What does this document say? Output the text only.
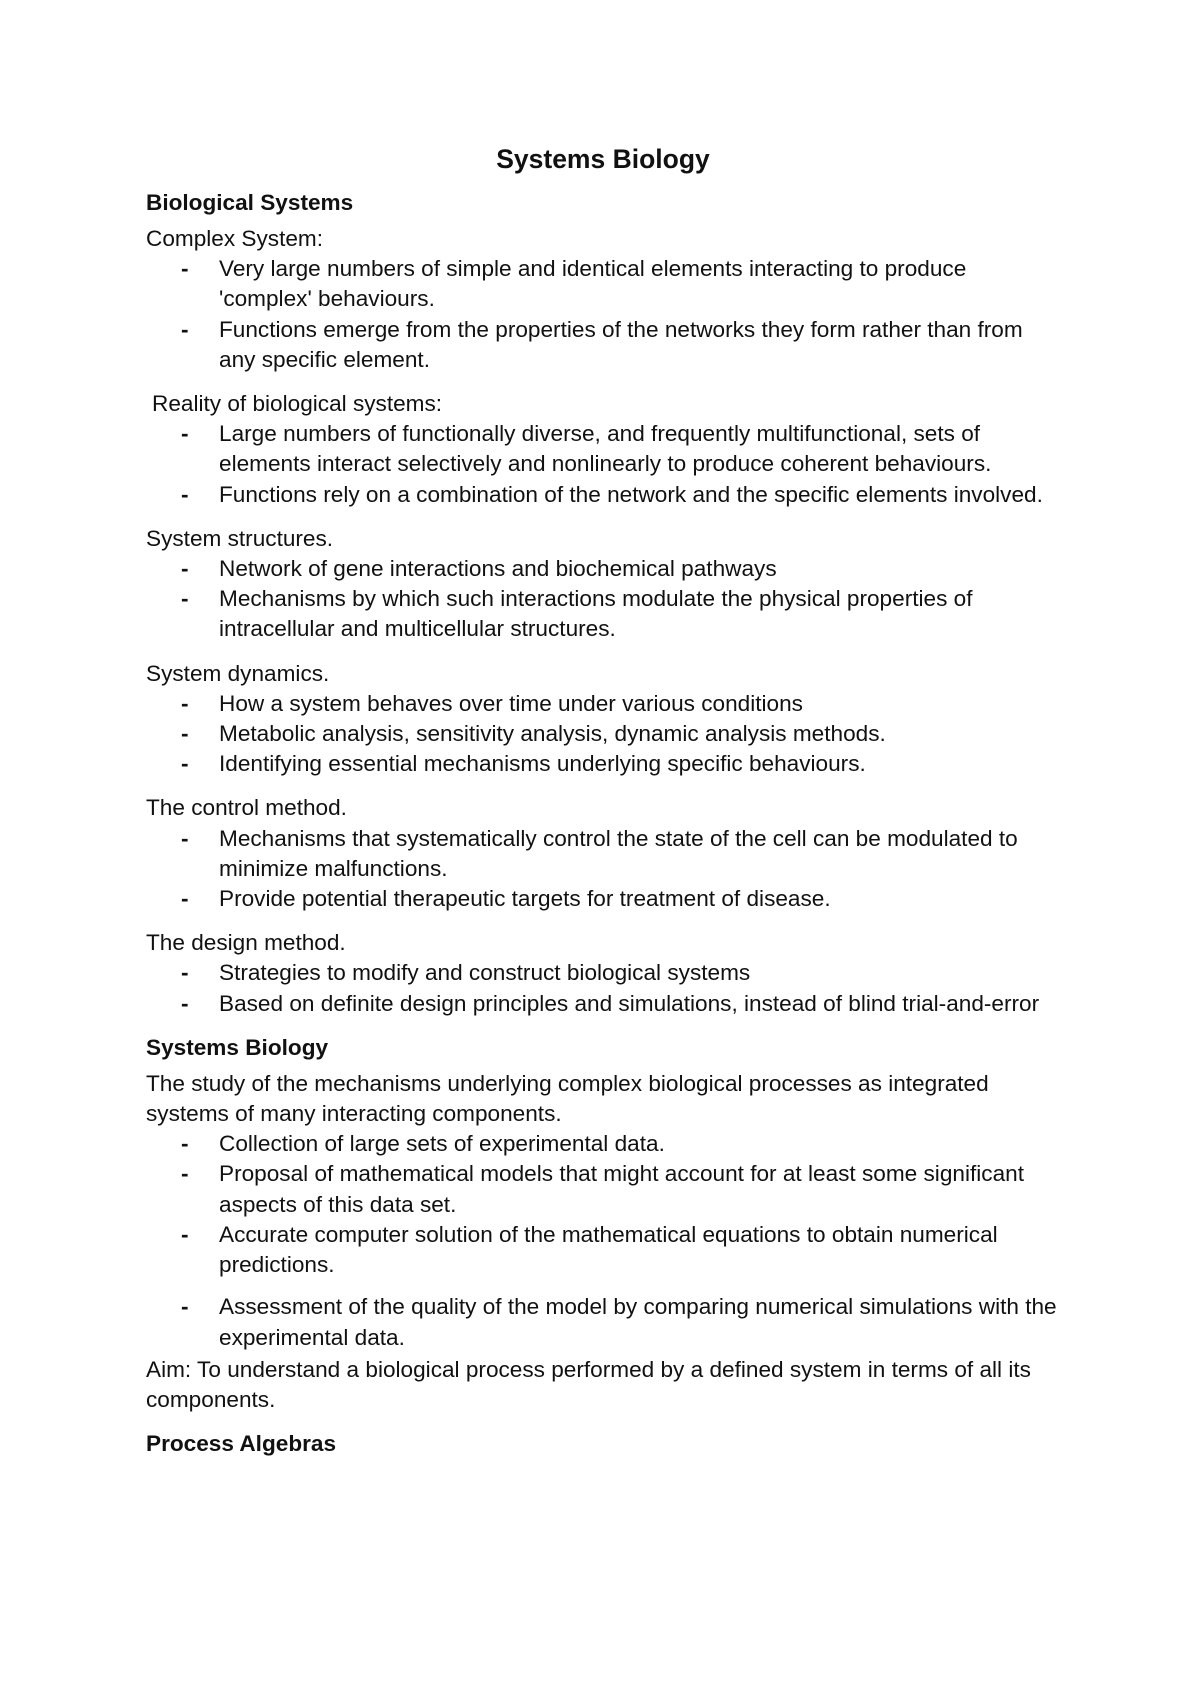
Systems Biology
Biological Systems

Complex System:

- Very large numbers of simple and identical elements interacting to produce 'complex' behaviours.
- Functions emerge from the properties of the networks they form rather than from any specific element.

Reality of biological systems:

- Large numbers of functionally diverse, and frequently multifunctional, sets of elements interact selectively and nonlinearly to produce coherent behaviours.
- Functions rely on a combination of the network and the specific elements involved.

System structures.

- Network of gene interactions and biochemical pathways
- Mechanisms by which such interactions modulate the physical properties of intracellular and multicellular structures.

System dynamics.

- How a system behaves over time under various conditions
- Metabolic analysis, sensitivity analysis, dynamic analysis methods.
- Identifying essential mechanisms underlying specific behaviours.

The control method.

- Mechanisms that systematically control the state of the cell can be modulated to minimize malfunctions.
- Provide potential therapeutic targets for treatment of disease.

The design method.

- Strategies to modify and construct biological systems
- Based on definite design principles and simulations, instead of blind trial-and-error
Systems Biology

The study of the mechanisms underlying complex biological processes as integrated systems of many interacting components.

- Collection of large sets of experimental data.
- Proposal of mathematical models that might account for at least some significant aspects of this data set.
- Accurate computer solution of the mathematical equations to obtain numerical predictions.
- Assessment of the quality of the model by comparing numerical simulations with the experimental data.

Aim: To understand a biological process performed by a defined system in terms of all its components.

Process Algebras
